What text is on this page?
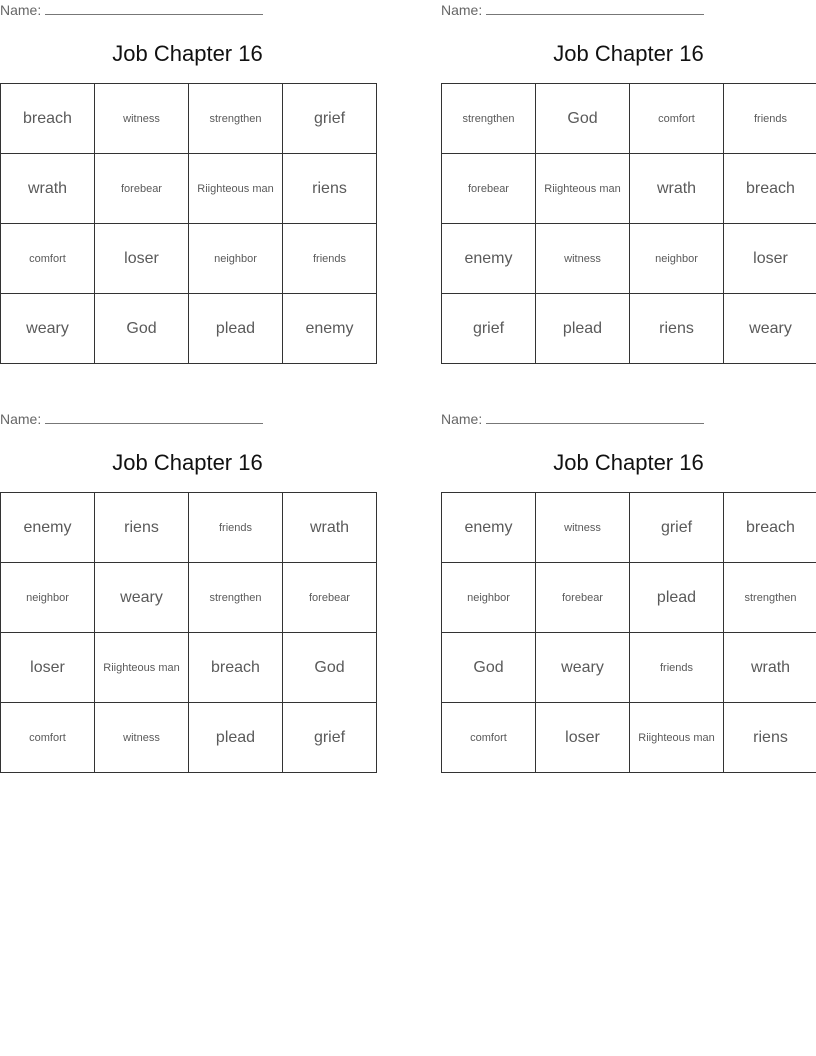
Name:
Job Chapter 16
breach	witness	strengthen	grief
wrath	forebear	Riighteous man	riens
comfort	loser	neighbor	friends
weary	God	plead	enemy
Name:
Job Chapter 16
strengthen	God	comfort	friends
forebear	Riighteous man	wrath	breach
enemy	witness	neighbor	loser
grief	plead	riens	weary
Name:
Job Chapter 16
enemy	riens	friends	wrath
neighbor	weary	strengthen	forebear
loser	Riighteous man	breach	God
comfort	witness	plead	grief
Name:
Job Chapter 16
enemy	witness	grief	breach
neighbor	forebear	plead	strengthen
God	weary	friends	wrath
comfort	loser	Riighteous man	riens
